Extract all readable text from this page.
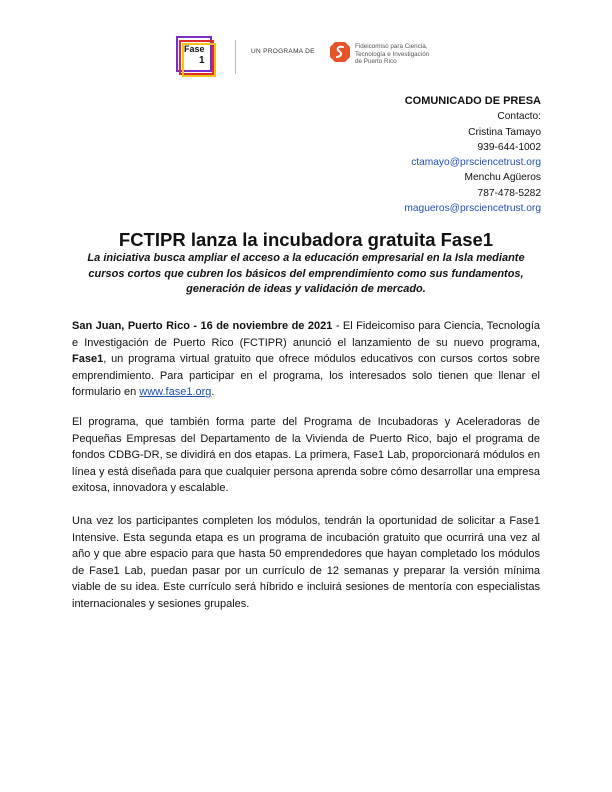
Fase
1
UN PROGRAMA DE
Fideicomiso para Ciencia,
Tecnología e Investigación
de Puerto Rico
COMUNICADO DE PRESA
Contacto:
Cristina Tamayo
939-644-1002
ctamayo@prsciencetrust.org
Menchu Agüeros
787-478-5282
magueros@prsciencetrust.org
FCTIPR lanza la incubadora gratuita Fase1
La iniciativa busca ampliar el acceso a la educación empresarial en la Isla mediante cursos cortos que cubren los básicos del emprendimiento como sus fundamentos, generación de ideas y validación de mercado.
San Juan, Puerto Rico - 16 de noviembre de 2021 - El Fideicomiso para Ciencia, Tecnología e Investigación de Puerto Rico (FCTIPR) anunció el lanzamiento de su nuevo programa, Fase1, un programa virtual gratuito que ofrece módulos educativos con cursos cortos sobre emprendimiento. Para participar en el programa, los interesados solo tienen que llenar el formulario en www.fase1.org.
El programa, que también forma parte del Programa de Incubadoras y Aceleradoras de Pequeñas Empresas del Departamento de la Vivienda de Puerto Rico, bajo el programa de fondos CDBG-DR, se dividirá en dos etapas. La primera, Fase1 Lab, proporcionará módulos en línea y está diseñada para que cualquier persona aprenda sobre cómo desarrollar una empresa exitosa, innovadora y escalable.
Una vez los participantes completen los módulos, tendrán la oportunidad de solicitar a Fase1 Intensive. Esta segunda etapa es un programa de incubación gratuito que ocurrirá una vez al año y que abre espacio para que hasta 50 emprendedores que hayan completado los módulos de Fase1 Lab, puedan pasar por un currículo de 12 semanas y preparar la versión mínima viable de su idea. Este currículo será híbrido e incluirá sesiones de mentoría con especialistas internacionales y sesiones grupales.
